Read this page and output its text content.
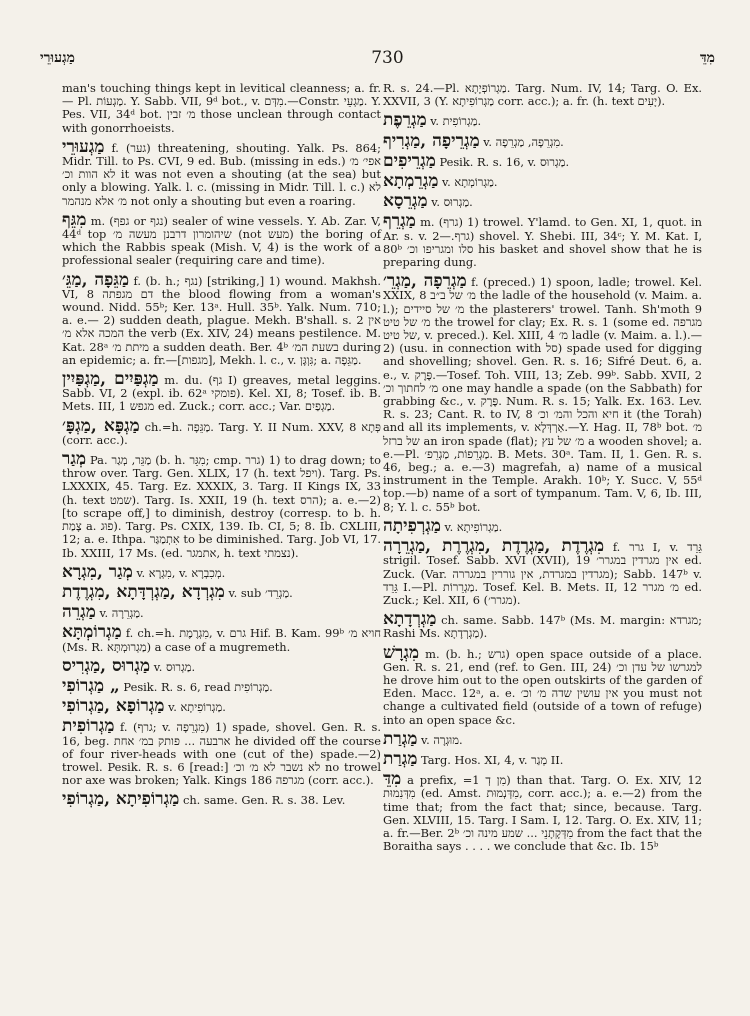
מַגְעוּרֵי	730	מִדֵּ

man's touching things kept in levitical cleanness; a. fr.— Pl. מַגְעוֹת. Y. Sabb. VII, 9ᵈ bot., v. מִדְּם.—Constr. מַגְעֵי. Y. Pes. VII, 34ᵈ bot. מ׳ זבין those unclean through contact with gonorrhoeists.

מַגְעוּרֵי f. (גער) threatening, shouting. Yalk. Ps. 864; Midr. Till. to Ps. CVI, 9 ed. Bub. (missing in eds.) אפי׳ מ׳ לא הוות וכ׳ it was not even a shouting (at the sea) but only a blowing. Yalk. l. c. (missing in Midr. Till. l. c.) לא מ׳ אלא מנהמר not only a shouting but even a roaring.

מִגֵּף m. (גפף or נגף) sealer of wine vessels. Y. Ab. Zar. V, 44ᵈ top שיהומרון דרבנן מעשה מ׳ (not מעש) the boring of which the Rabbis speak (Mish. V, 4) is the work of a professional sealer (requiring care and time).

מַגֵּפָה ,מַגֵּ׳ f. (b. h.; נגף) [striking,] 1) wound. Makhsh. VI, 8 דם מגפתה the blood flowing from a woman's wound. Nidd. 55ᵇ; Ker. 13ᵃ. Hull. 35ᵇ. Yalk. Num. 710; a. e.— 2) sudden death, plague. Mekh. B'shall. s. 2 אין המכה אלא מ׳ the verb (Ex. XIV, 24) means pestilence. M. Kat. 28ᵃ מיתת מ׳ a sudden death. Ber. 4ᵇ בשעת המ׳ during an epidemic; a. fr.—[מגפות], Mekh. l. c., v. גִּוְגָּן; a. מַגֵּפָה.

מַגְפַּיִים ,מַגְפַּיִין m. du. (גף I) greaves, metal leggins. Sabb. VI, 2 (expl. ib. 62ᵃ פומקי). Kel. XI, 8; Tosef. ib. B. Mets. III, 1 מגפש ed. Zuck.; corr. acc.; Var. מַגְפַיִם.

מַגְפָּא ,מַגְפָּ׳ ch.=h. מַגֵּפָה. Targ. Y. II Num. XXV, 8 פְּתָא (corr. acc.).

מְגַר Pa. מַגֵּר, מְגַר (b. h. מִגֵּר; cmp. גרר) 1) to drag down; to throw over. Targ. Gen. XLIX, 17 (h. text ויפל). Targ. Ps. LXXXIX, 45. Targ. Ez. XXXIX, 3. Targ. II Kings IX, 33 (h. text שמט). Targ. Is. XXII, 19 (h. text הרס); a. e.—2) [to scrape off,] to diminish, destroy (corresp. to b. h. צָמַת a. פוּג). Targ. Ps. CXIX, 139. Ib. CI, 5; 8. Ib. CXLIII, 12; a. e. Ithpa. אִתְמַגַּר to be diminished. Targ. Job VI, 17. Ib. XXIII, 17 Ms. (ed. אתמגר, h. text נצמתי).

מְגַר ,מִגְרָא v. מִגְרָא, v. מְכִבְרָא.

מִגְרְדָא ,מַגְרְדָּתָא ,מִגְרֶדֶת v. sub מַגְרֵד׳.

מַגְרֵה v. מַגְרֵרָה.

מַגְרוֹמְתָּא f. ch.=h. מִגְרֶמֶת, v. גרם Hif. B. Kam. 99ᵇ חויא מ׳ (Ms. R. מַגְרוּמְתָּא) a case of a mugremeth.

מַגְרוּס ,מַגְרִיס v. מַגְרוּס.

„ מַגְרוֹפִי Pesik. R. s. 6, read מַגְרוֹפִית.

מַגְרוֹפָא ,מַגְרוֹפִי v. מַגְרוֹפִיתָא.

מַגְרוֹפִית f. (גרף; v. מִגְרֵפָה) 1) spade, shovel. Gen. R. s. 16, beg. ארבעה ... פותק במ׳ אחת he divided off the course of four river-heads with one (cut of the) spade.—2) trowel. Pesik. R. s. 6 [read:] לא נשבר לא מ׳ וכ׳ no trowel nor axe was broken; Yalk. Kings 186 מגרפה (corr. acc.).

מַגְרוֹפִיתָא ,מַגְרוֹפִי ch. same. Gen. R. s. 38. Lev.

R. s. 24.—Pl. מַגְרוֹפְיָתָא. Targ. Num. IV, 14; Targ. O. Ex. XXVII, 3 (Y. מַגְרוֹפִיתָא corr. acc.); a. fr. (h. text יָעִים).

מַגְרֵפֶת v. מַגְרוֹפִית.

מַגְרֵיפָה ,מַגְרִיף v. מִגְרֵפָה, מַגְרֵפָה.

מַגְרֵיפִים Pesik. R. s. 16, v. מַגְרוּס.

מַגְרֵמְתָא v. מַגְרוֹמְתָא.

מַגְרֵסָא v. מַגְרוּס.

מַגְרֵף m. (גרף) 1) trowel. Y'lamd. to Gen. XI, 1, quot. in Ar. s. v. גרף.—2) shovel. Y. Shebi. III, 34ᶜ; Y. M. Kat. I, 80ᵇ סלו ומגריפו וכ׳ his basket and shovel show that he is preparing dung.

מַגְרֵפָה ,מַגְרֵ׳ f. (preced.) 1) spoon, ladle; trowel. Kel. XXIX, 8 מ׳ של ב״ב the ladle of the household (v. Maim. a. l.); מ׳ של סיידים the plasterers' trowel. Tanh. Sh'moth 9 מ׳ של טיט the trowel for clay; Ex. R. s. 1 (some ed. מגרפה של טיט, v. preced.). Kel. XIII, 4 מ׳ ladle (v. Maim. a. l.).—2) (usu. in connection with סל) spade used for digging and shovelling; shovel. Gen. R. s. 16; Sifré Deut. 6, a. e., v. פֶּרֶק.—Tosef. Toh. VIII, 13; Zeb. 99ᵇ. Sabb. XVII, 2 מ׳ לחתוך וכ׳ one may handle a spade (on the Sabbath) for grabbing &c., v. פֶּרֶק. Num. R. s. 15; Yalk. Ex. 163. Lev. R. s. 23; Cant. R. to IV, 8 חיא והכל והמ׳ וכ׳ it (the Torah) and all its implements, v. אַרְדְּלָא.—Y. Hag. II, 78ᵇ bot. מ׳ של ברזל an iron spade (flat); מ׳ של עץ a wooden shovel; a. e.—Pl. מַגְרֵפוֹת, מַגְרֵפ׳. B. Mets. 30ᵃ. Tam. II, 1. Gen. R. s. 46, beg.; a. e.—3) magrefah, a) name of a musical instrument in the Temple. Arakh. 10ᵇ; Y. Succ. V, 55ᵈ top.—b) name of a sort of tympanum. Tam. V, 6, Ib. III, 8; Y. l. c. 55ᵇ bot.

מַגְרְפִיתָה v. מַגְרוֹפִיתָא.

מִגְרֶדֶת ,מַגְרֶדֶת ,מִגְרֶרֶת ,מַגְרֵרָה f. גרר I, v. גֵּרֵד strigil. Tosef. Sabb. XVI (XVII), 19 אין מגרדין במגרר׳ ed. Zuck. (Var. מגרדין במגרדת, אין גוררין במגררה); Sabb. 147ᵇ v. גֵּרֵד I.—Pl. מַגְרֵרוֹת. Tosef. Kel. B. Mets. II, 12 מ׳ מגרר ed. Zuck.; Kel. XII, 6 (מגרר׳).

מַגְרְדָתָא ch. same. Sabb. 147ᵇ (Ms. M. margin: מגרדא; Rashi Ms. מַגְרְדָתָא).

מִגְרָשׁ m. (b. h.; גרש) open space outside of a place. Gen. R. s. 21, end (ref. to Gen. III, 24) למגרשו של עדן וכ׳ he drove him out to the open outskirts of the garden of Eden. Macc. 12ᵃ, a. e. אין עושין שדה מ׳ וכ׳ you must not change a cultivated field (outside of a town of refuge) into an open space &c.

מַגְרַת v. מוּגְרָה.

מַגְרַת Targ. Hos. XI, 4, v. מְגַר II.

מִדֵּ a prefix, =מִן דְ 1) than that. Targ. O. Ex. XIV, 12 מִדְּנִמוּת (ed. Amst. מִדְּנְמוּת, corr. acc.); a. e.—2) from the time that; from the fact that; since, because. Targ. Gen. XLVIII, 15. Targ. I Sam. I, 12. Targ. O. Ex. XIV, 11; a. fr.—Ber. 2ᵇ מִדְּקָתָנֵי ... שמע מינה וכ׳ from the fact that the Boraitha says . . . . we conclude that &c. Ib. 15ᵇ
